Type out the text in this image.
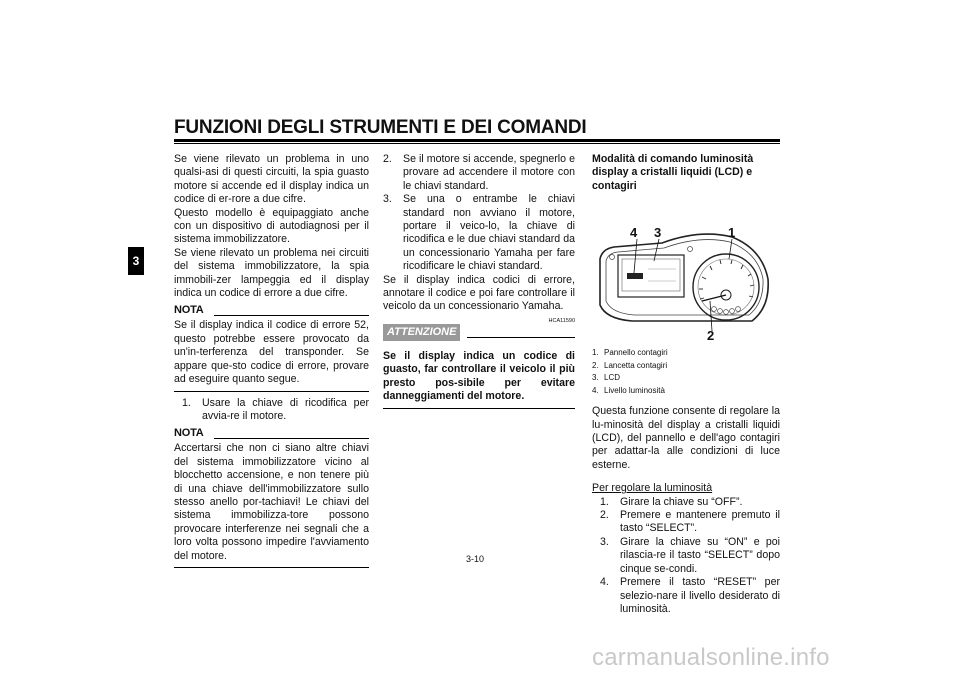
FUNZIONI DEGLI STRUMENTI E DEI COMANDI
3

Se viene rilevato un problema in uno qualsi-asi di questi circuiti, la spia guasto motore si accende ed il display indica un codice di er-rore a due cifre.

Questo modello è equipaggiato anche con un dispositivo di autodiagnosi per il sistema immobilizzatore.

Se viene rilevato un problema nei circuiti del sistema immobilizzatore, la spia immobili-zer lampeggia ed il display indica un codice di errore a due cifre.

NOTA

Se il display indica il codice di errore 52, questo potrebbe essere provocato da un'in-terferenza del transponder. Se appare que-sto codice di errore, provare ad eseguire quanto segue.

1.	Usare la chiave di ricodifica per avvia-re il motore.
NOTA

Accertarsi che non ci siano altre chiavi del sistema immobilizzatore vicino al blocchetto accensione, e non tenere più di una chiave dell'immobilizzatore sullo stesso anello por-tachiavi! Le chiavi del sistema immobilizza-tore possono provocare interferenze nei segnali che a loro volta possono impedire l'avviamento del motore.

2.	Se il motore si accende, spegnerlo e provare ad accendere il motore con le chiavi standard.
3.	Se una o entrambe le chiavi standard non avviano il motore, portare il veico-lo, la chiave di ricodifica e le due chiavi standard da un concessionario Yamaha per fare ricodificare le chiavi standard.

Se il display indica codici di errore, annotare il codice e poi fare controllare il veicolo da un concessionario Yamaha.

HCA11590
ATTENZIONE

Se il display indica un codice di guasto, far controllare il veicolo il più presto pos-sibile per evitare danneggiamenti del motore.

Modalità di comando luminosità display a cristalli liquidi (LCD) e contagiri

4 3	1
2
1. Pannello contagiri
2. Lancetta contagiri
3. LCD
4. Livello luminosità

Questa funzione consente di regolare la lu-minosità del display a cristalli liquidi (LCD), del pannello e dell'ago contagiri per adattar-la alle condizioni di luce esterne.

Per regolare la luminosità

1.	Girare la chiave su “OFF”.
2.	Premere e mantenere premuto il tasto “SELECT”.
3.	Girare la chiave su “ON” e poi rilascia-re il tasto “SELECT” dopo cinque se-condi.
4.	Premere il tasto “RESET” per selezio-nare il livello desiderato di luminosità.
3-10
carmanualsonline.info
